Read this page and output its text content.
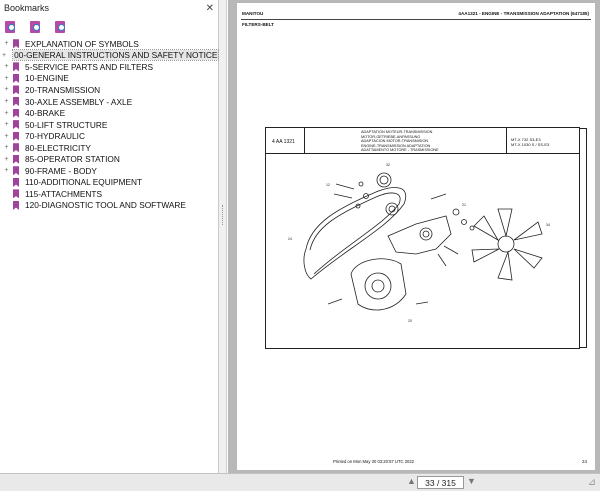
Bookmarks	✕
+ EXPLANATION OF SYMBOLS
+ 00-GENERAL INSTRUCTIONS AND SAFETY NOTICE
+ 5-SERVICE PARTS AND FILTERS
+ 10-ENGINE
+ 20-TRANSMISSION
+ 30-AXLE ASSEMBLY - AXLE
+ 40-BRAKE
+ 50-LIFT STRUCTURE
+ 70-HYDRAULIC
+ 80-ELECTRICITY
+ 85-OPERATOR STATION
+ 90-FRAME - BODY
110-ADDITIONAL EQUIPMENT
115-ATTACHMENTS
120-DIAGNOSTIC TOOL AND SOFTWARE
MANITOU	4AA1321 - ENGINE - TRANSMISSION ADAPTATION (647185)
FILTERS-BELT
4 AA 1321
ADAPTATION MOTEUR-TRANSMISSION
MOTOR-GETRIEBE-ANPASSUNG
ADAPTACION MOTOR-TRANSMISION
ENGINE-TRANSMISSION ADAPTATION
ADATTAMENTO MOTORE - TRASMISSIONE
MT-X 732 S3-E3
MT-X 1030 S / SS-E3
32
24
12
34
21
20
Printed on Mon May 30 03:20:57 UTC 2022	24
▲	33 / 315	▼	⊿
